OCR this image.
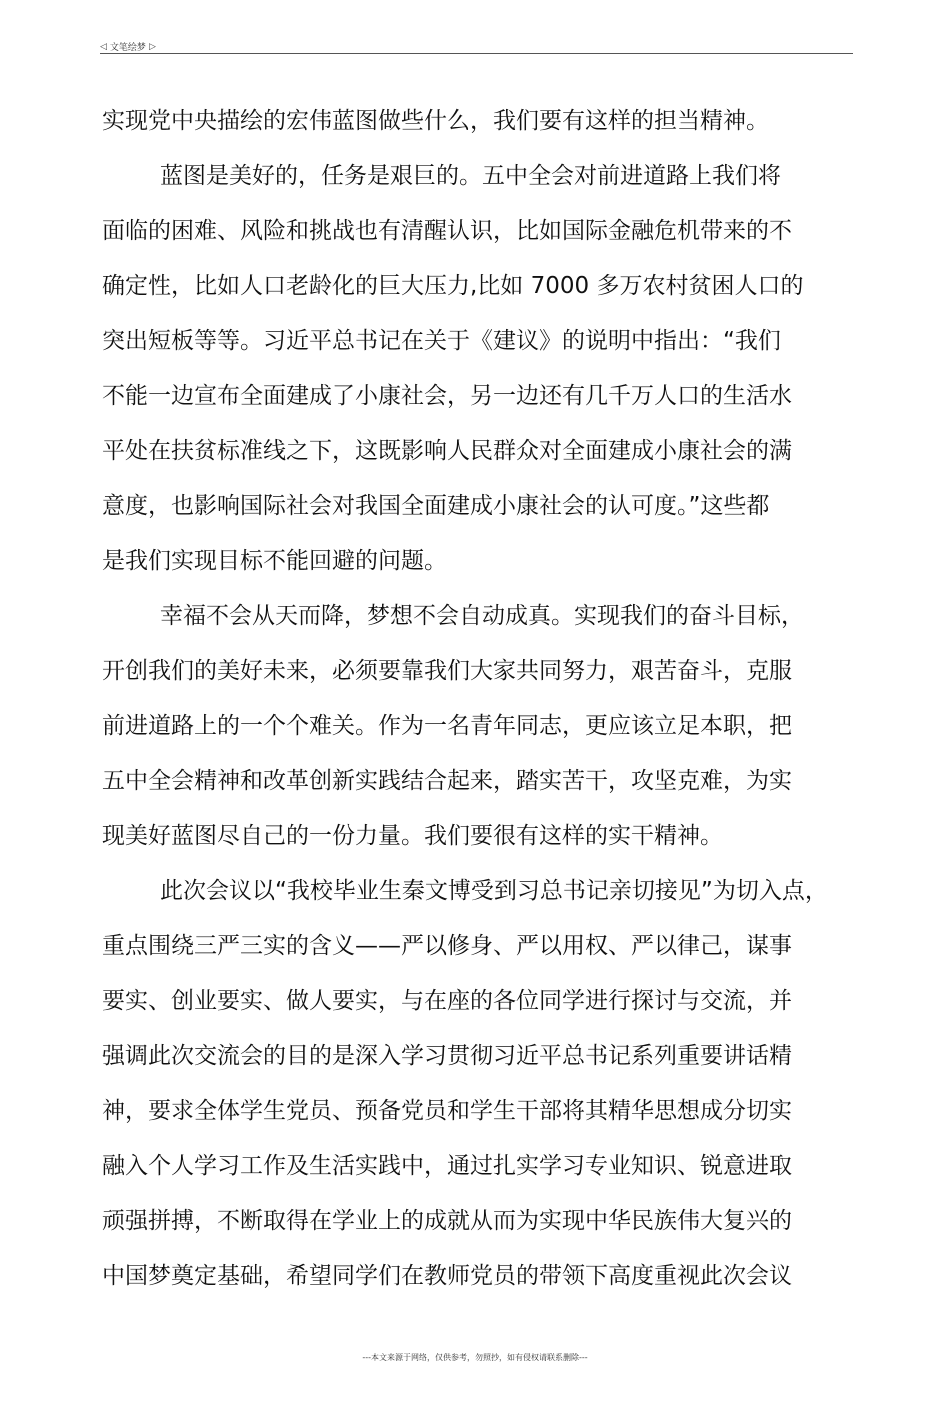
◁ 文笔绘梦 ▷
实现党中央描绘的宏伟蓝图做些什么，我们要有这样的担当精神。
蓝图是美好的，任务是艰巨的。五中全会对前进道路上我们将
面临的困难、风险和挑战也有清醒认识，比如国际金融危机带来的不
确定性，比如人口老龄化的巨大压力,比如 7000 多万农村贫困人口的
突出短板等等。习近平总书记在关于《建议》的说明中指出：“我们
不能一边宣布全面建成了小康社会，另一边还有几千万人口的生活水
平处在扶贫标准线之下，这既影响人民群众对全面建成小康社会的满
意度，也影响国际社会对我国全面建成小康社会的认可度。”这些都
是我们实现目标不能回避的问题。
幸福不会从天而降，梦想不会自动成真。实现我们的奋斗目标，
开创我们的美好未来，必须要靠我们大家共同努力，艰苦奋斗，克服
前进道路上的一个个难关。作为一名青年同志，更应该立足本职，把
五中全会精神和改革创新实践结合起来，踏实苦干，攻坚克难，为实
现美好蓝图尽自己的一份力量。我们要很有这样的实干精神。
此次会议以“我校毕业生秦文博受到习总书记亲切接见”为切入点，
重点围绕三严三实的含义——严以修身、严以用权、严以律己，谋事
要实、创业要实、做人要实，与在座的各位同学进行探讨与交流，并
强调此次交流会的目的是深入学习贯彻习近平总书记系列重要讲话精
神，要求全体学生党员、预备党员和学生干部将其精华思想成分切实
融入个人学习工作及生活实践中，通过扎实学习专业知识、锐意进取
顽强拼搏，不断取得在学业上的成就从而为实现中华民族伟大复兴的
中国梦奠定基础，希望同学们在教师党员的带领下高度重视此次会议
---本文来源于网络，仅供参考，勿照抄，如有侵权请联系删除---
